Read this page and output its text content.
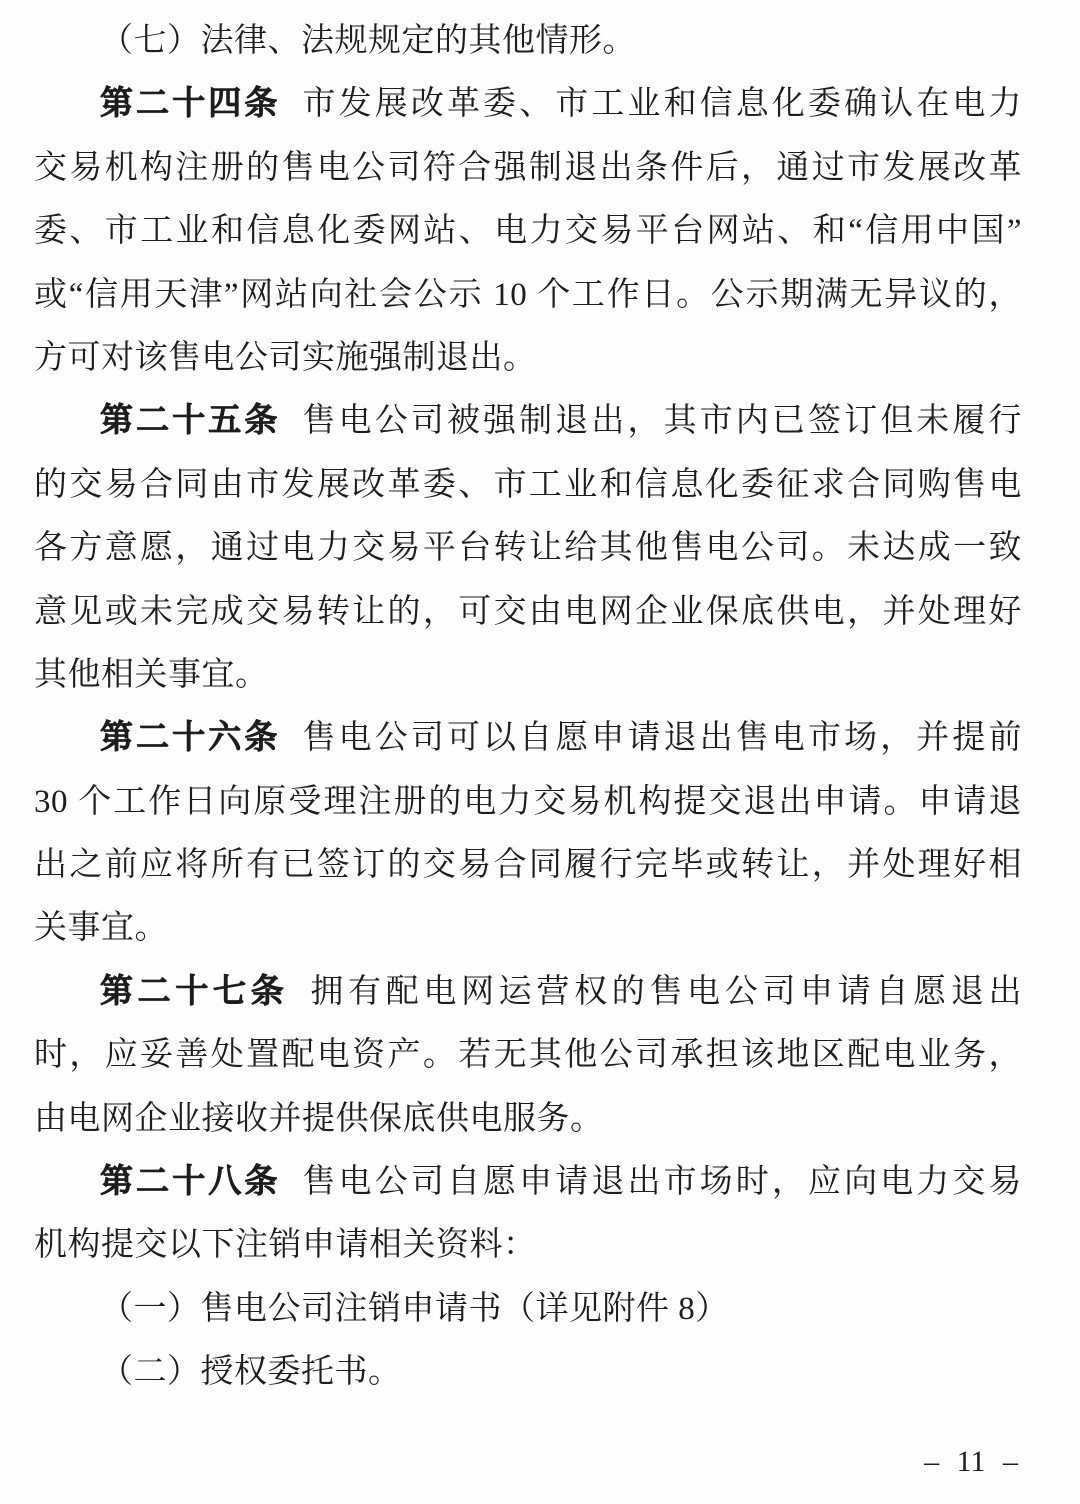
（七）法律、法规规定的其他情形。
第二十四条 市发展改革委、市工业和信息化委确认在电力
交易机构注册的售电公司符合强制退出条件后，通过市发展改革
委、市工业和信息化委网站、电力交易平台网站、和“信用中国”
或“信用天津”网站向社会公示 10 个工作日。公示期满无异议的，
方可对该售电公司实施强制退出。
第二十五条 售电公司被强制退出，其市内已签订但未履行
的交易合同由市发展改革委、市工业和信息化委征求合同购售电
各方意愿，通过电力交易平台转让给其他售电公司。未达成一致
意见或未完成交易转让的，可交由电网企业保底供电，并处理好
其他相关事宜。
第二十六条 售电公司可以自愿申请退出售电市场，并提前
30 个工作日向原受理注册的电力交易机构提交退出申请。申请退
出之前应将所有已签订的交易合同履行完毕或转让，并处理好相
关事宜。
第二十七条 拥有配电网运营权的售电公司申请自愿退出
时，应妥善处置配电资产。若无其他公司承担该地区配电业务，
由电网企业接收并提供保底供电服务。
第二十八条 售电公司自愿申请退出市场时，应向电力交易
机构提交以下注销申请相关资料：
（一）售电公司注销申请书（详见附件 8）
（二）授权委托书。
– 11 –
